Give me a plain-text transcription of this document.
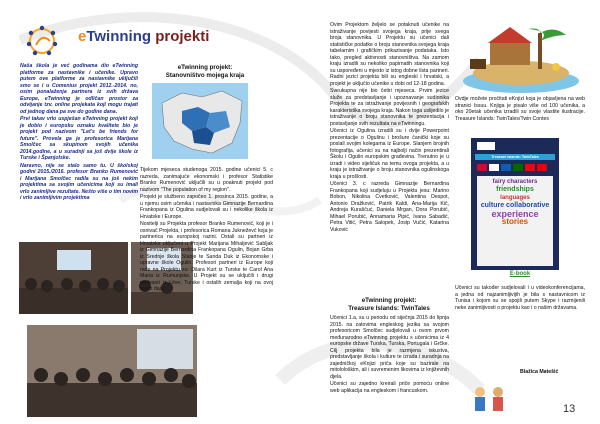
eTwinning projekti

Naša škola je već godinama dio eTwinning platforme za nastavnike i učenike. Upravo putem ove platforme za nastavnike uključili smo se i u Comenius projekt 2012.-2014. no, osim ponalaženja partnera iz svih država Europe, eTwinning je odličan prostor za odvijanje tzv. online projekata koji mogu trajati od jednog dana pa sve do godine dana.

Prvi takav vrlo uspješan eTwinning projekt koji je dobio i europsku oznaku kvalitete bio je projekt pod nazivom "Let's be friends for future". Provela ga je profesorica Marijana Smolčec sa skupinom svojih učenika 2014.godine, a u suradnji sa još dvije škole iz Turske i Španjolske.

Naravno, nije se stalo samo tu. U školskoj godini 2015./2016. profesor Branko Rumenović i Marijana Smolčec radila su na još nekim projektima sa svojim učenicima koji su imali vrlo zanimljive rezultate. Nešto više o tim novim i vrlo zanimljivim projektima

eTwinning projekt:
Stanovništvo mojega kraja

Tijekom mjeseca studenoga 2015. godine učenici 5. c razreda, zanimajuće ekonomski i profesor Statistike Branko Rumenović uključili su u poaknuti projekt pod nazivom "The population of my region".

Projekt je službeno započeo 1. prosinca 2015. godine, a u njemu osim učenika i nastavnika Gimnazije Bernardina Frankopana iz Ogulina sudjelovali su i nekolike škola iz Hrvatske i Europe.

Nositelji su Projekta profesor Branko Rumenović, koji je i osnivač Projekta, i profesorica Romana Jukneževć koja je partnerica na europskoj razini. Ostali su partneri iz Hrvatske uključeni u Projekt Marijana Mihaljević Sabljak iz Gimnazije Bernardina Frankopana Ogulin, Bojan Grba iz Srednje škola Stanje te Sanda Duk iz Ekonomske i upravne škole Ogulin. Profesori partneri iz Europe koji rade na Projektu su: Dilara Kurt iz Turske te Carol Ana Maria iz Rumunjske. U Projekt su se uključili i drugi profesori iz Litve, Turske i ostalih zemalja koji na ovoj način daju

Ovim Projektom željelo se potaknuti učenike na istraživanje povijesti svojega kraja, prije svega broja stanovnika. U Projektu su učenici dali statističke podatke o broju stanovnika svojega kraja tabelarnim i grafičkim prikazivanje podataka. Isto tako, pregled aktivnosti stanovništva. Na zamom kraju izradili su nekoliko papirnatih stanovnika koji su uspoređeni u mjesto iz istog dobne lista partneri. Radni jezici projekta bili su engleski i hrvatski, a projekt je uključio učenike u dobi od 12-18 godina.

Sveukupna nije bio četiri mjeseca. Prvim jezice služe za predstavljanje i upoznavanje sudionika Projekta te za istraživanje povijesnih i geografskih karakteristika svojega kraja. Nakon toga uslijedilo je istraživanje o broju stanovnika te prezentacija i postavljanje svih rezultata na eTwinningu.

Učenici iz Ogulina izradili su i dvije Powerpoint prezentacije o Ogulinu i brošure čanički koje su poslali svojim kolegama iz Europe. Slanjem brojnih fotografija, učenici su na najbolji način prezentirali Školu i Ogulin europskim građevina. Trenutno je u izradi i video sijeličuk na temu ovoga projekta, a u kraju je istraživanje o broju stanovnika ogulinskoga kraja u prošlosti.

Učenici 3. c razreda Gimnazije Bernardina Frankopana koji sudjeluju u Projektu jesu: Marino Bobon, Nikolina Cvetković, Valentina Despot, Antonio Dražković, Patrik Kaldi, Ana-Marija Kič, Andreja Kuraščuć, Daniela Mrgan, Dora Porubić, Mihael Porubić, Annamaria Pipić, Ivana Sabadić, Petra Vitić, Petra Salopek, Josip Vučić, Katarina Vuković

eTwinning projekt:
Treasure Islands: TwinTales

Učenici 1.a, su u periodu od siječnja 2015 do lipnja 2015. na zatovima engleskog jezika sa svojom profesoricom Smolčec sudjelovali u ovom prvom međunarodno eTwinning projektu s učenicima iz 4 europske države Turska, Turska, Portugala i Grčke. Cilj projekta bila je razmjena iskustva, predstavljanje škola i kulture te izrada i suradnja na zajedničkoj eKnjizi priča koje su bazirale na mitolološkim, ali i suvremenim likovima iz književnih djela.

Učenici su zajedno kreirali priče pomoću online web aplikacija na engleskom i francuskom.

Ovdje možete pročitati eKnjizi koja je objavljena na web stranici Issuu. Knjiga je pisalo više od 100 učenika, a oko 20etak učenika izradili su svoje vlastite ilustracije. Treasure Islands: TwinTales/Twin Contes

fairy characters
friendships
languages
culture collaborative
experience
stories
Treasure Islands: TwinTales
E-book

Učenici su također sudjelovali i u videokonferencijama, a jedna od najzanimljivijih je bila s nastavnicom iz Tunisa i kojom su se spojili putem Skype i razmijenili neke zanimljivosti o projektu kao i o našim državama.

Blažica Matešić
13
